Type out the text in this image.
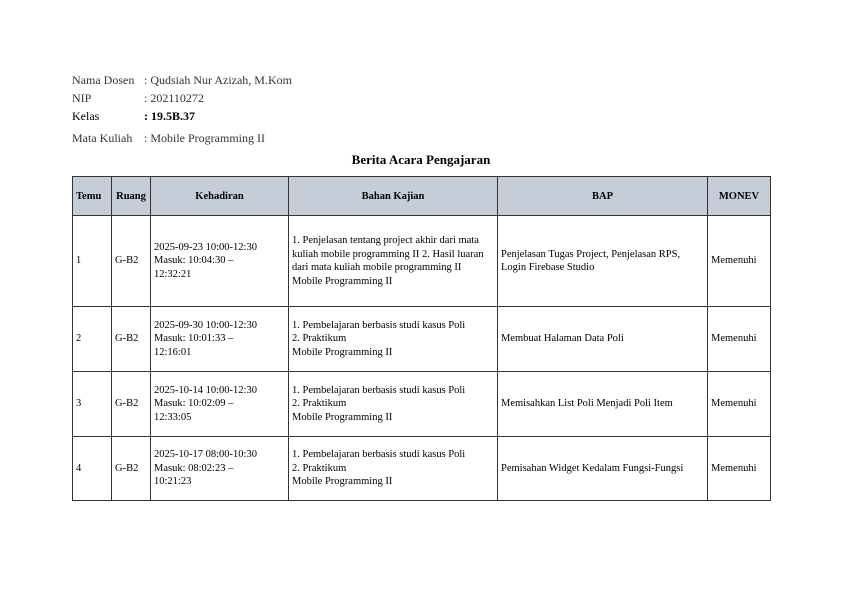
Nama Dosen : Qudsiah Nur Azizah, M.Kom
NIP	: 202110272
Kelas	: 19.5B.37
Mata Kuliah : Mobile Programming II
Berita Acara Pengajaran
Temu	Ruang	Kehadiran	Bahan Kajian	BAP	MONEV
1	G-B2	2025-09-23 10:00-12:30
Masuk: 10:04:30 –
12:32:21	1. Penjelasan tentang project akhir dari mata kuliah mobile programming II 2. Hasil luaran dari mata kuliah mobile programming II
Mobile Programming II	Penjelasan Tugas Project, Penjelasan RPS, Login Firebase Studio	Memenuhi
2	G-B2	2025-09-30 10:00-12:30
Masuk: 10:01:33 –
12:16:01	1. Pembelajaran berbasis studi kasus Poli
2. Praktikum
Mobile Programming II	Membuat Halaman Data Poli	Memenuhi
3	G-B2	2025-10-14 10:00-12:30
Masuk: 10:02:09 –
12:33:05	1. Pembelajaran berbasis studi kasus Poli
2. Praktikum
Mobile Programming II	Memisahkan List Poli Menjadi Poli Item	Memenuhi
4	G-B2	2025-10-17 08:00-10:30
Masuk: 08:02:23 –
10:21:23	1. Pembelajaran berbasis studi kasus Poli
2. Praktikum
Mobile Programming II	Pemisahan Widget Kedalam Fungsi-Fungsi	Memenuhi
